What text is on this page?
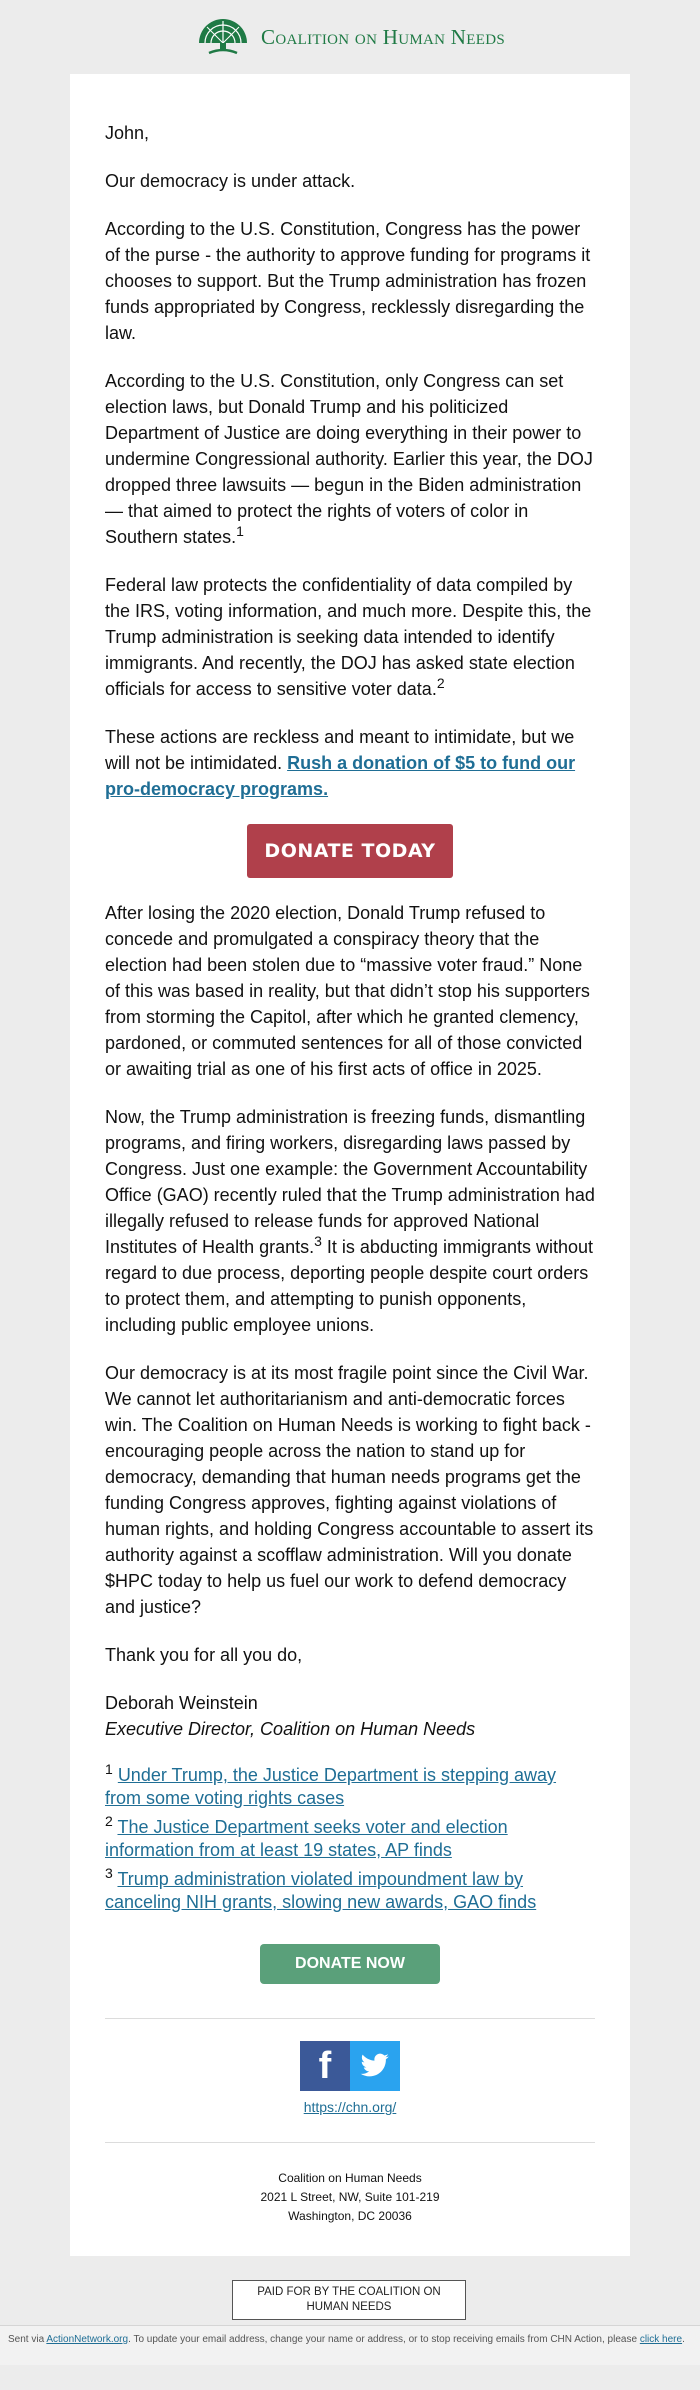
Coalition on Human Needs

John,

Our democracy is under attack.

According to the U.S. Constitution, Congress has the power of the purse - the authority to approve funding for programs it chooses to support. But the Trump administration has frozen funds appropriated by Congress, recklessly disregarding the law.

According to the U.S. Constitution, only Congress can set election laws, but Donald Trump and his politicized Department of Justice are doing everything in their power to undermine Congressional authority. Earlier this year, the DOJ dropped three lawsuits — begun in the Biden administration — that aimed to protect the rights of voters of color in Southern states.$^1$

Federal law protects the confidentiality of data compiled by the IRS, voting information, and much more. Despite this, the Trump administration is seeking data intended to identify immigrants. And recently, the DOJ has asked state election officials for access to sensitive voter data.$^2$

These actions are reckless and meant to intimidate, but we will not be intimidated. Rush a donation of $5 to fund our pro-democracy programs.

DONATE TODAY

After losing the 2020 election, Donald Trump refused to concede and promulgated a conspiracy theory that the election had been stolen due to “massive voter fraud.” None of this was based in reality, but that didn’t stop his supporters from storming the Capitol, after which he granted clemency, pardoned, or commuted sentences for all of those convicted or awaiting trial as one of his first acts of office in 2025.

Now, the Trump administration is freezing funds, dismantling programs, and firing workers, disregarding laws passed by Congress. Just one example: the Government Accountability Office (GAO) recently ruled that the Trump administration had illegally refused to release funds for approved National Institutes of Health grants.$^3$ It is abducting immigrants without regard to due process, deporting people despite court orders to protect them, and attempting to punish opponents, including public employee unions.

Our democracy is at its most fragile point since the Civil War. We cannot let authoritarianism and anti-democratic forces win. The Coalition on Human Needs is working to fight back - encouraging people across the nation to stand up for democracy, demanding that human needs programs get the funding Congress approves, fighting against violations of human rights, and holding Congress accountable to assert its authority against a scofflaw administration. Will you donate $HPC today to help us fuel our work to defend democracy and justice?

Thank you for all you do,

Deborah Weinstein
Executive Director, Coalition on Human Needs
$^1$ Under Trump, the Justice Department is stepping away from some voting rights cases
$^2$ The Justice Department seeks voter and election information from at least 19 states, AP finds
$^3$ Trump administration violated impoundment law by canceling NIH grants, slowing new awards, GAO finds
DONATE NOW
f
https://chn.org/
Coalition on Human Needs
2021 L Street, NW, Suite 101-219
Washington, DC 20036
PAID FOR BY THE COALITION ON HUMAN NEEDS
Sent via ActionNetwork.org. To update your email address, change your name or address, or to stop receiving emails from CHN Action, please click here.
